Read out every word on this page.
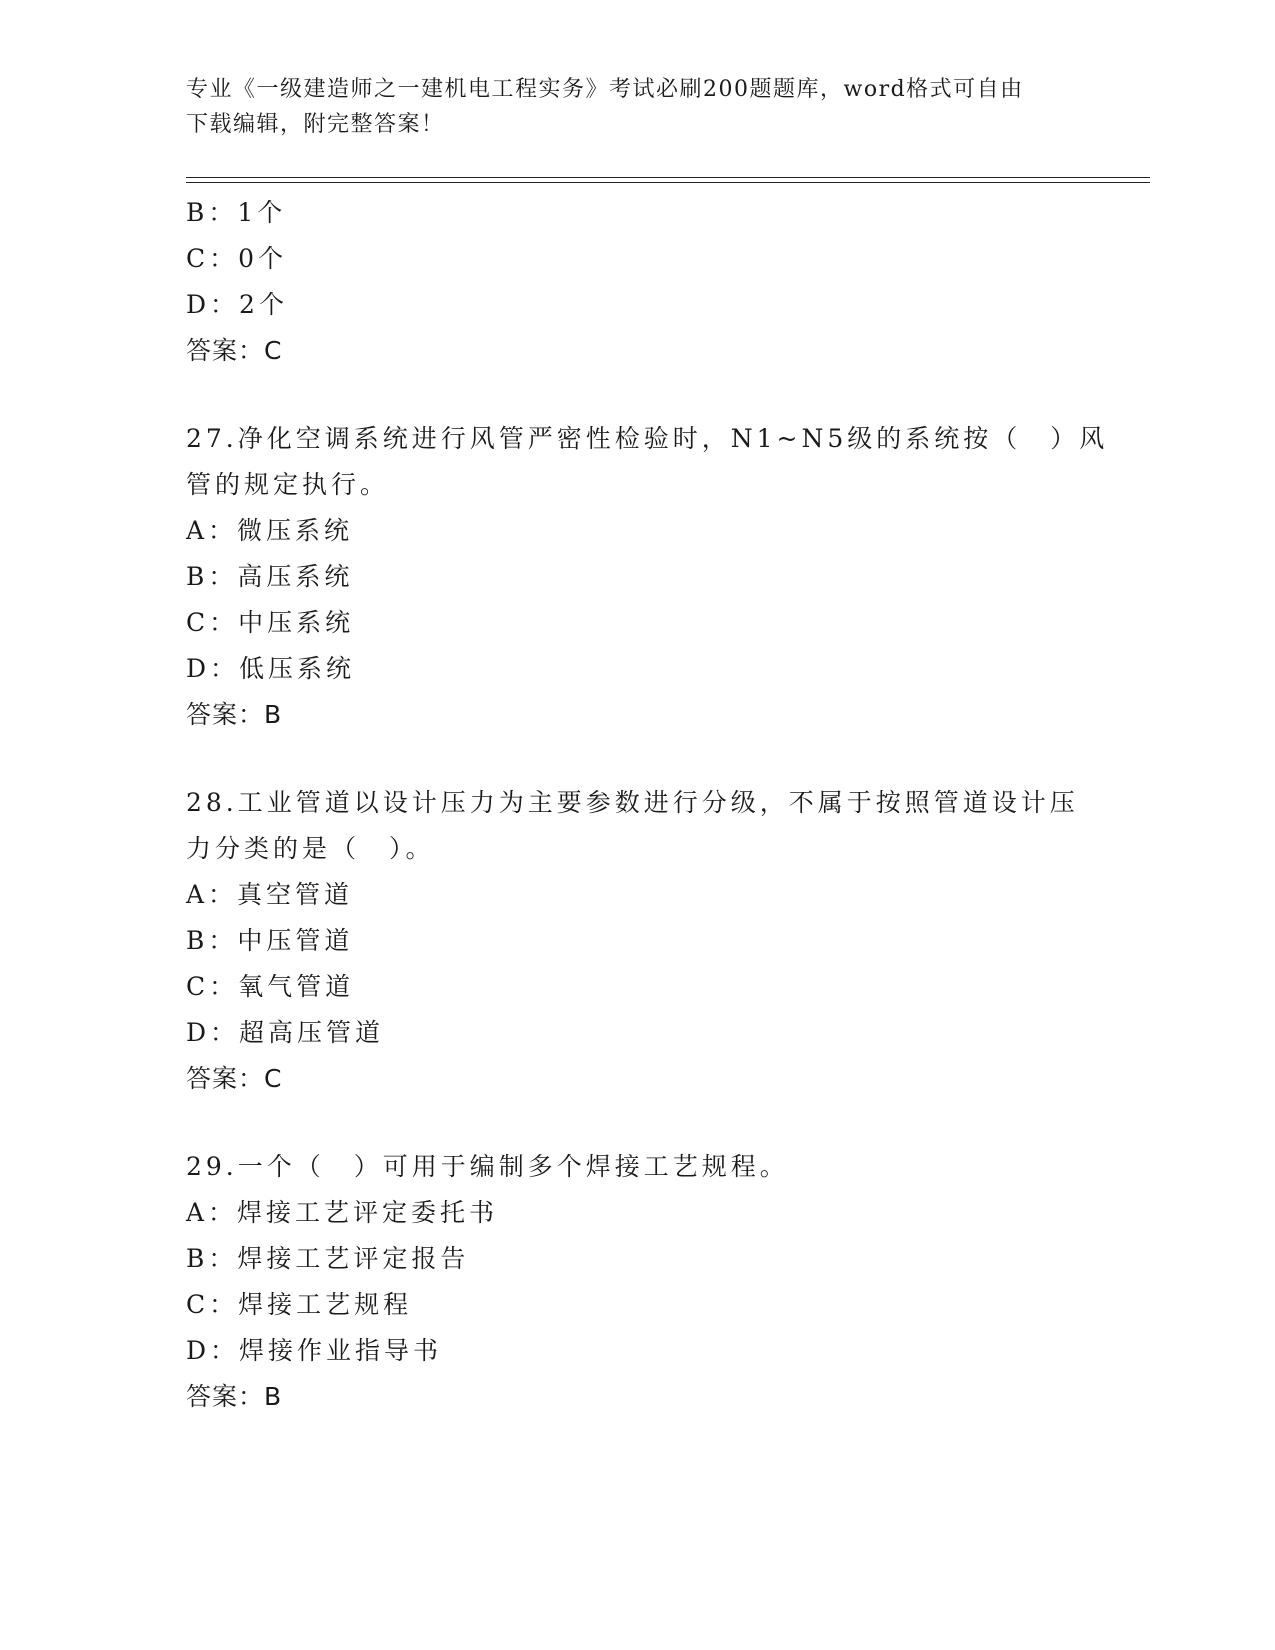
专业《一级建造师之一建机电工程实务》考试必刷200题题库，word格式可自由
下载编辑，附完整答案！
B：1个
C：0个
D：2个
答案：C
27.净化空调系统进行风管严密性检验时，N1~N5级的系统按（　）风
管的规定执行。
A：微压系统
B：高压系统
C：中压系统
D：低压系统
答案：B
28.工业管道以设计压力为主要参数进行分级，不属于按照管道设计压
力分类的是（　）。
A：真空管道
B：中压管道
C：氧气管道
D：超高压管道
答案：C
29.一个（　）可用于编制多个焊接工艺规程。
A：焊接工艺评定委托书
B：焊接工艺评定报告
C：焊接工艺规程
D：焊接作业指导书
答案：B
